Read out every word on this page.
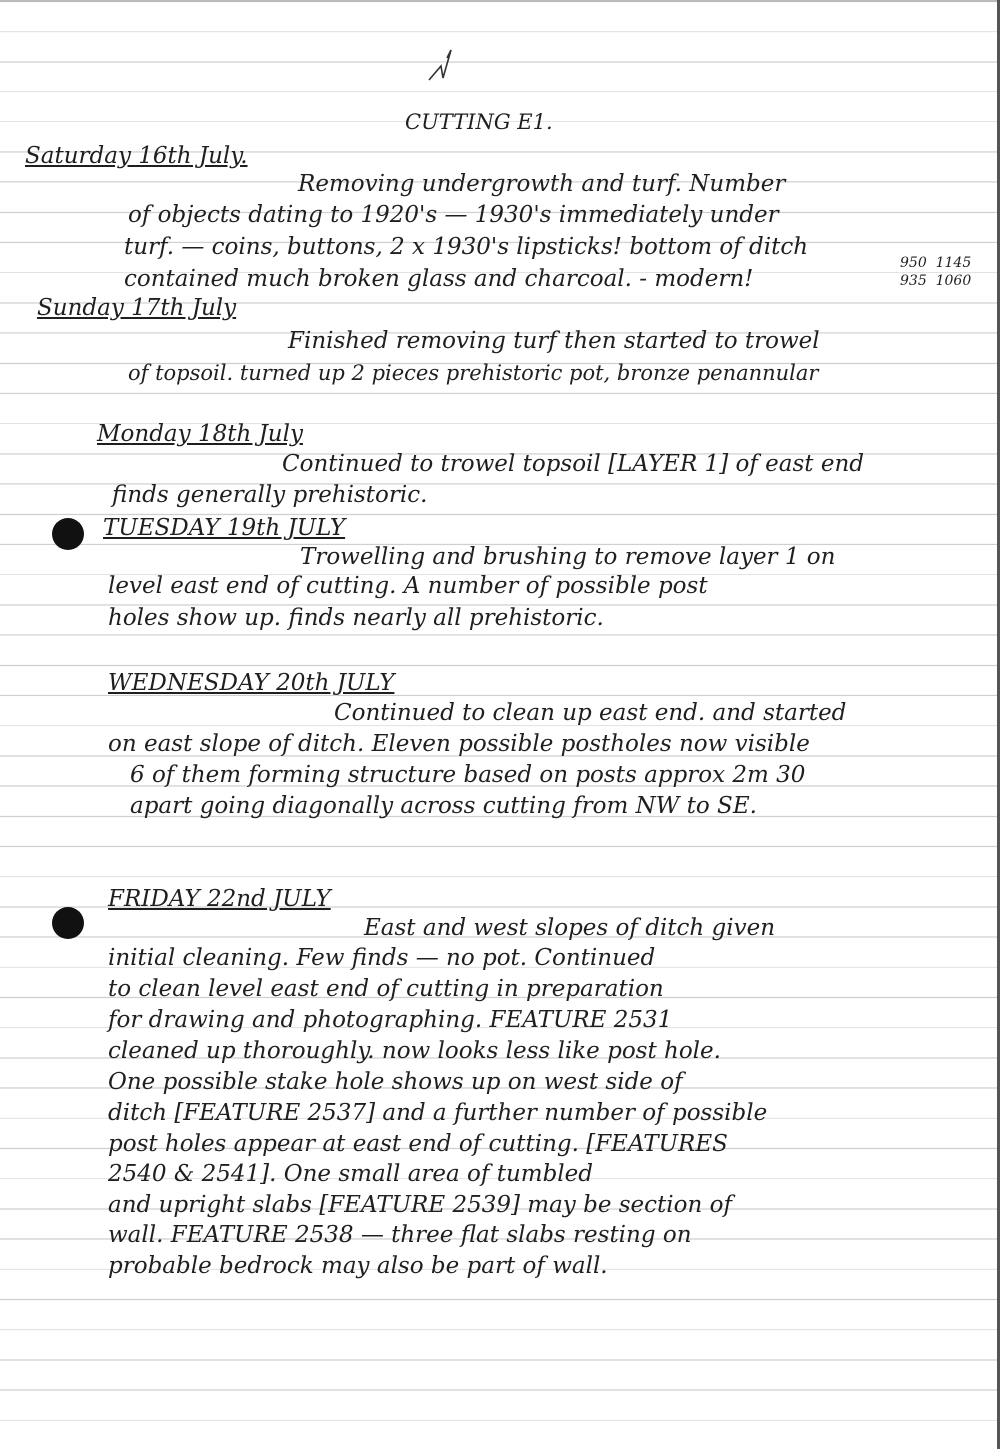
CUTTING E1.
Saturday 16th July.
Removing undergrowth and turf. Number
of objects dating to 1920's — 1930's immediately under
turf. — coins, buttons, 2 x 1930's lipsticks! bottom of ditch
contained much broken glass and charcoal. - modern!
950  1145
935  1060
Sunday 17th July
Finished removing turf then started to trowel
of topsoil. turned up 2 pieces prehistoric pot, bronze penannular
Monday 18th July
Continued to trowel topsoil [LAYER 1] of east end
finds generally prehistoric.
TUESDAY 19th JULY
Trowelling and brushing to remove layer 1 on
level east end of cutting. A number of possible post
holes show up. finds nearly all prehistoric.
WEDNESDAY 20th JULY
Continued to clean up east end. and started
on east slope of ditch. Eleven possible postholes now visible
6 of them forming structure based on posts approx 2m 30
apart going diagonally across cutting from NW to SE.
FRIDAY 22nd JULY
East and west slopes of ditch given
initial cleaning. Few finds — no pot. Continued
to clean level east end of cutting in preparation
for drawing and photographing. FEATURE 2531
cleaned up thoroughly. now looks less like post hole.
One possible stake hole shows up on west side of
ditch [FEATURE 2537] and a further number of possible
post holes appear at east end of cutting. [FEATURES
2540 & 2541]. One small area of tumbled
and upright slabs [FEATURE 2539] may be section of
wall. FEATURE 2538 — three flat slabs resting on
probable bedrock may also be part of wall.
